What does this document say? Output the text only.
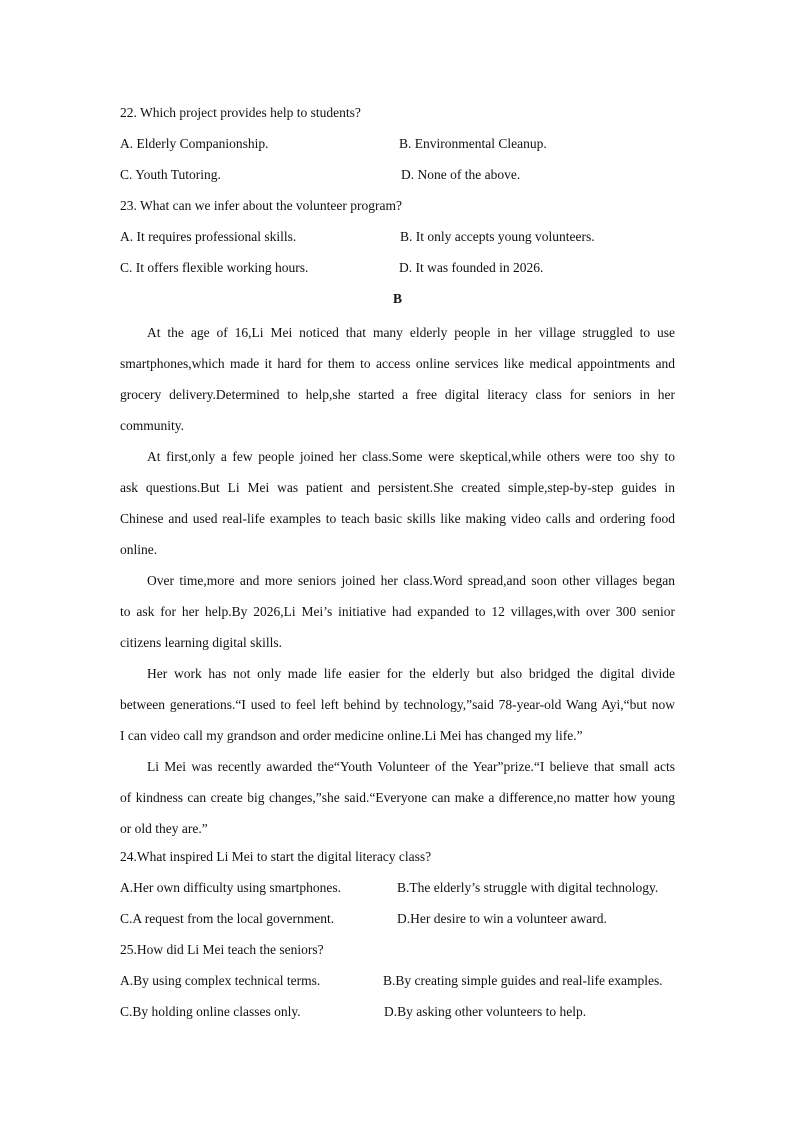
22. Which project provides help to students?
A. Elderly Companionship.	B. Environmental Cleanup.
C. Youth Tutoring.	D. None of the above.
23. What can we infer about the volunteer program?
A. It requires professional skills.	B. It only accepts young volunteers.
C. It offers flexible working hours.	D. It was founded in 2026.
B

At the age of 16,Li Mei noticed that many elderly people in her village struggled to use

smartphones,which made it hard for them to access online services like medical appointments and

grocery delivery.Determined to help,she started a free digital literacy class for seniors in her

community.

At first,only a few people joined her class.Some were skeptical,while others were too shy to

ask questions.But Li Mei was patient and persistent.She created simple,step-by-step guides in

Chinese and used real-life examples to teach basic skills like making video calls and ordering food

online.

Over time,more and more seniors joined her class.Word spread,and soon other villages began

to ask for her help.By 2026,Li Mei’s initiative had expanded to 12 villages,with over 300 senior

citizens learning digital skills.

Her work has not only made life easier for the elderly but also bridged the digital divide

between generations.“I used to feel left behind by technology,”said 78-year-old Wang Ayi,“but now

I can video call my grandson and order medicine online.Li Mei has changed my life.”

Li Mei was recently awarded the“Youth Volunteer of the Year”prize.“I believe that small acts

of kindness can create big changes,”she said.“Everyone can make a difference,no matter how young

or old they are.”

24.What inspired Li Mei to start the digital literacy class?
A.Her own difficulty using smartphones.	B.The elderly’s struggle with digital technology.
C.A request from the local government.	D.Her desire to win a volunteer award.
25.How did Li Mei teach the seniors?
A.By using complex technical terms.	B.By creating simple guides and real-life examples.
C.By holding online classes only.	D.By asking other volunteers to help.
